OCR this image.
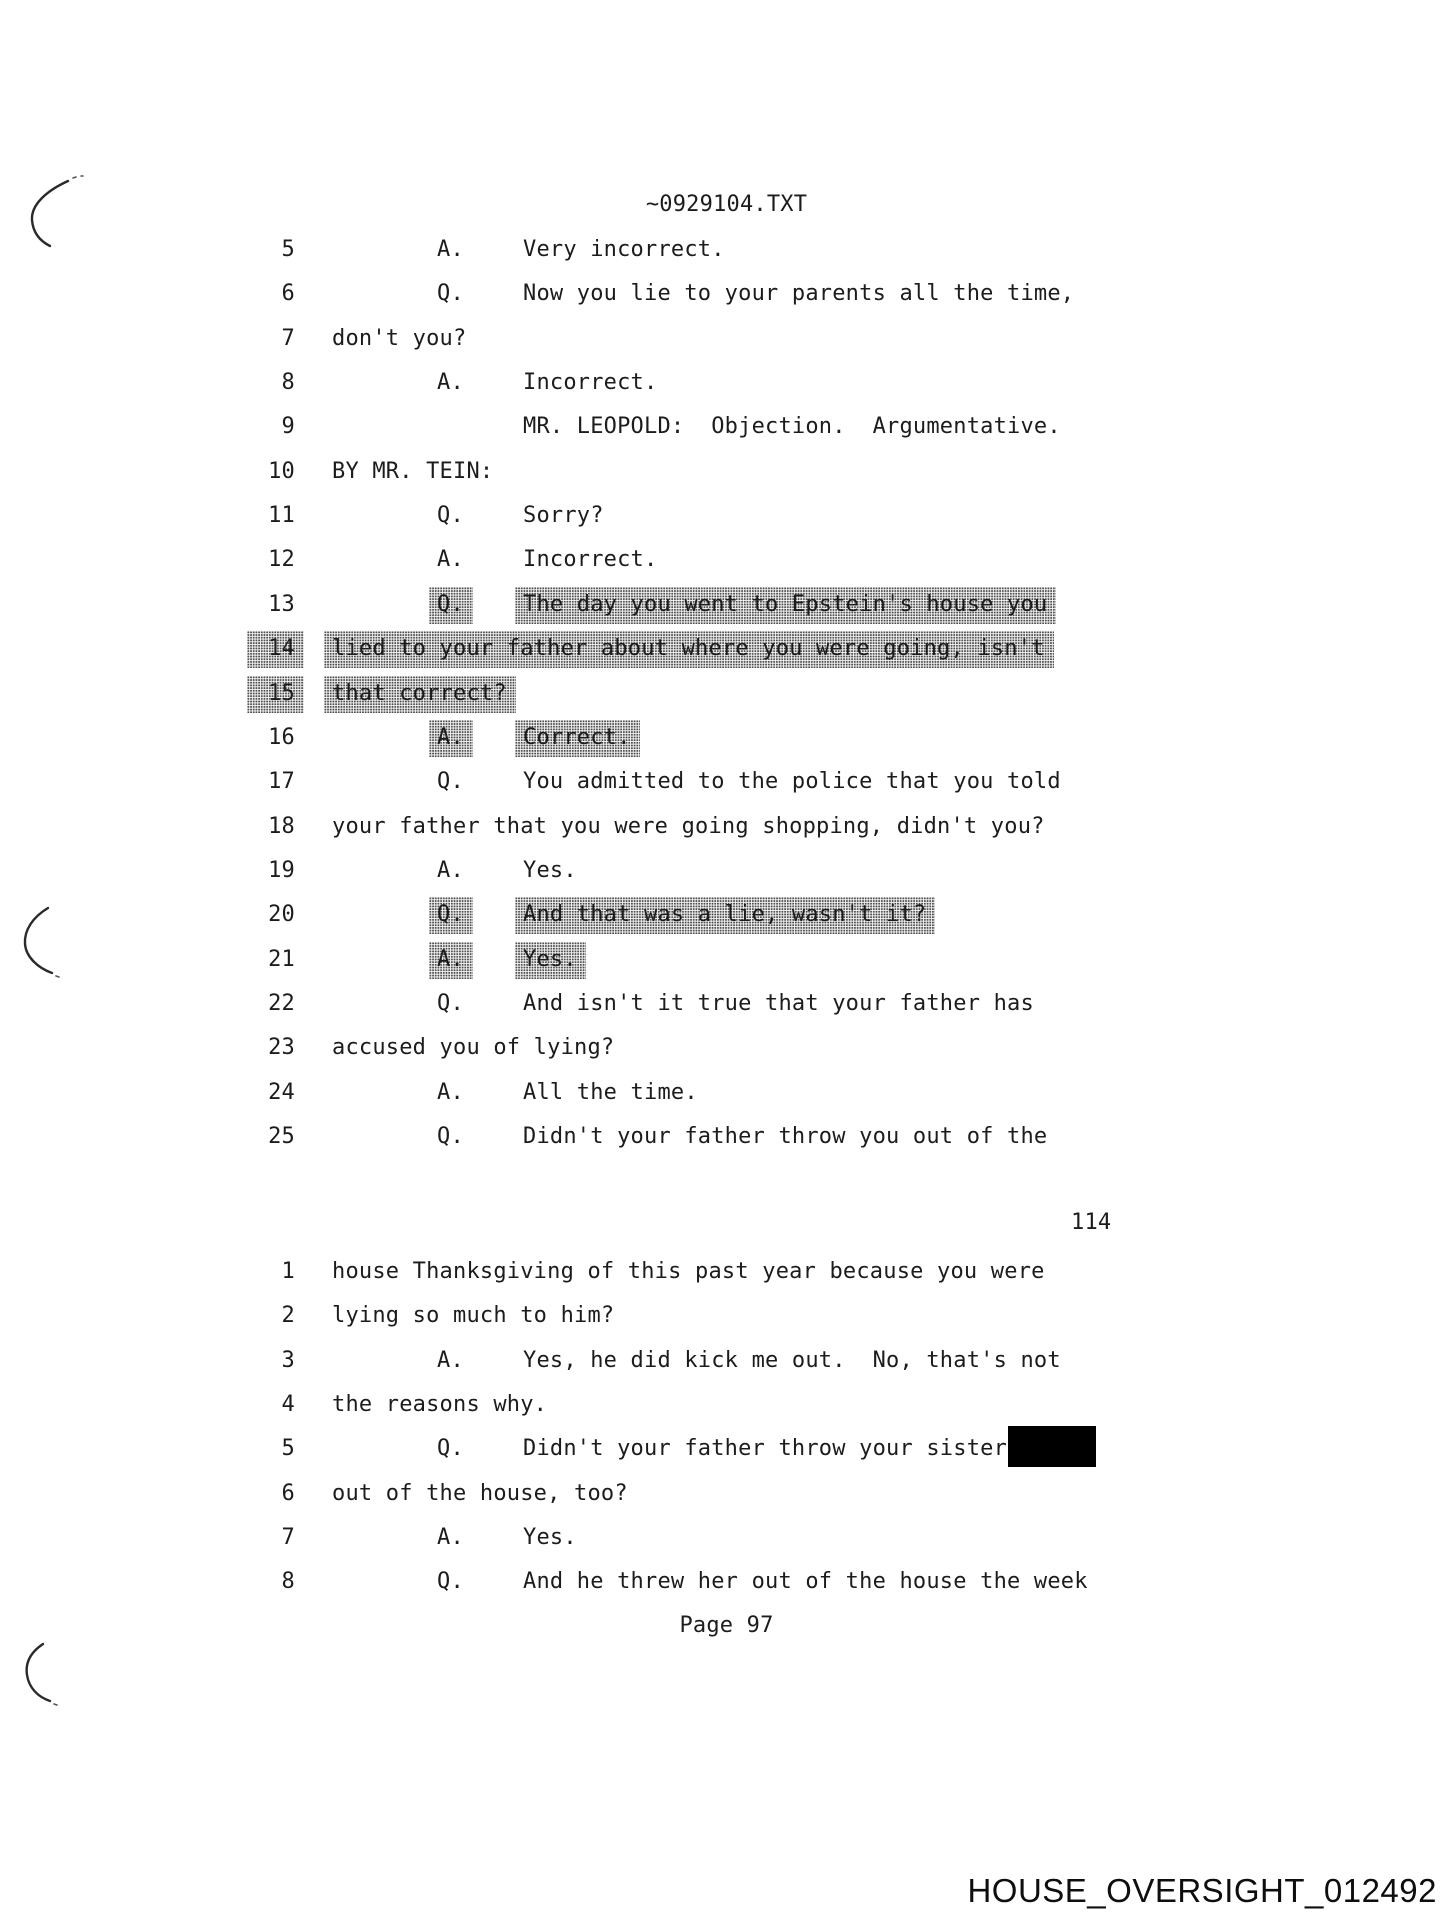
~0929104.TXT
5	A.	Very incorrect.
6	Q.	Now you lie to your parents all the time,
7 don't you?
8	A.	Incorrect.
9	MR. LEOPOLD:  Objection.  Argumentative.
10 BY MR. TEIN:
11	Q.	Sorry?
12	A.	Incorrect.
13	Q.	The day you went to Epstein's house you
14	lied to your father about where you were going, isn't
15	that correct?
16	A.	Correct.
17	Q.	You admitted to the police that you told
18 your father that you were going shopping, didn't you?
19	A.	Yes.
20	Q.	And that was a lie, wasn't it?
21	A.	Yes.
22	Q.	And isn't it true that your father has
23 accused you of lying?
24	A.	All the time.
25	Q.	Didn't your father throw you out of the
114
1 house Thanksgiving of this past year because you were
2 lying so much to him?
3	A.	Yes, he did kick me out.  No, that's not
4 the reasons why.
5	Q.	Didn't your father throw your sister
6 out of the house, too?
7	A.	Yes.
8	Q.	And he threw her out of the house the week
Page 97
HOUSE_OVERSIGHT_012492
